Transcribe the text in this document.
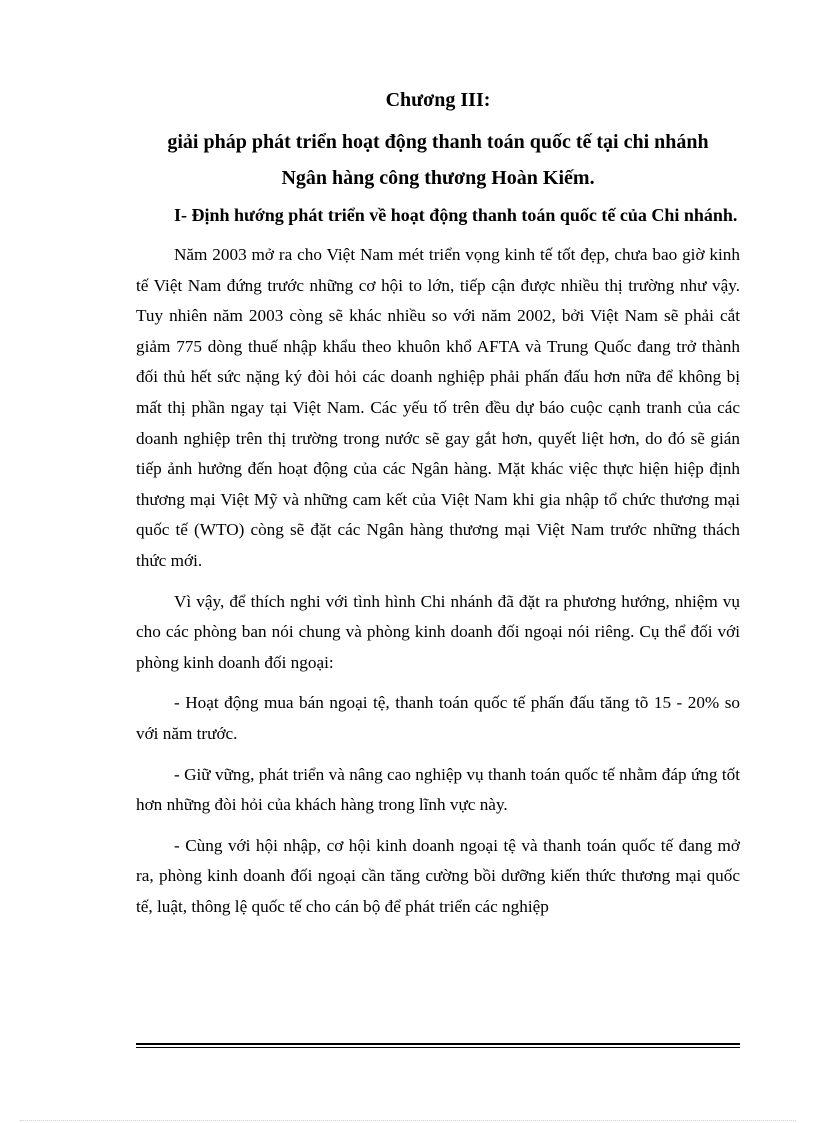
Chương III:
giải pháp phát triển hoạt động thanh toán quốc tế tại chi nhánh
Ngân hàng công thương Hoàn Kiếm.
I- Định hướng phát triển về hoạt động thanh toán quốc tế của Chi nhánh.

Năm 2003 mở ra cho Việt Nam mét triển vọng kinh tế tốt đẹp, chưa bao giờ kinh tế Việt Nam đứng trước những cơ hội to lớn, tiếp cận được nhiều thị trường như vậy. Tuy nhiên năm 2003 còng sẽ khác nhiều so với năm 2002, bởi Việt Nam sẽ phải cắt giảm 775 dòng thuế nhập khẩu theo khuôn khổ AFTA và Trung Quốc đang trở thành đối thủ hết sức nặng ký đòi hỏi các doanh nghiệp phải phấn đấu hơn nữa để không bị mất thị phần ngay tại Việt Nam. Các yếu tố trên đều dự báo cuộc cạnh tranh của các doanh nghiệp trên thị trường trong nước sẽ gay gắt hơn, quyết liệt hơn, do đó sẽ gián tiếp ảnh hưởng đến hoạt động của các Ngân hàng. Mặt khác việc thực hiện hiệp định thương mại Việt Mỹ và những cam kết của Việt Nam khi gia nhập tổ chức thương mại quốc tế (WTO) còng sẽ đặt các Ngân hàng thương mại Việt Nam trước những thách thức mới.

Vì vậy, để thích nghi với tình hình Chi nhánh đã đặt ra phương hướng, nhiệm vụ cho các phòng ban nói chung và phòng kinh doanh đối ngoại nói riêng. Cụ thể đối với phòng kinh doanh đối ngoại:

- Hoạt động mua bán ngoại tệ, thanh toán quốc tế phấn đấu tăng tõ 15 - 20% so với năm trước.

- Giữ vững, phát triển và nâng cao nghiệp vụ thanh toán quốc tế nhằm đáp ứng tốt hơn những đòi hỏi của khách hàng trong lĩnh vực này.

- Cùng với hội nhập, cơ hội kinh doanh ngoại tệ và thanh toán quốc tế đang mở ra, phòng kinh doanh đối ngoại cần tăng cường bồi dưỡng kiến thức thương mại quốc tế, luật, thông lệ quốc tế cho cán bộ để phát triển các nghiệp
